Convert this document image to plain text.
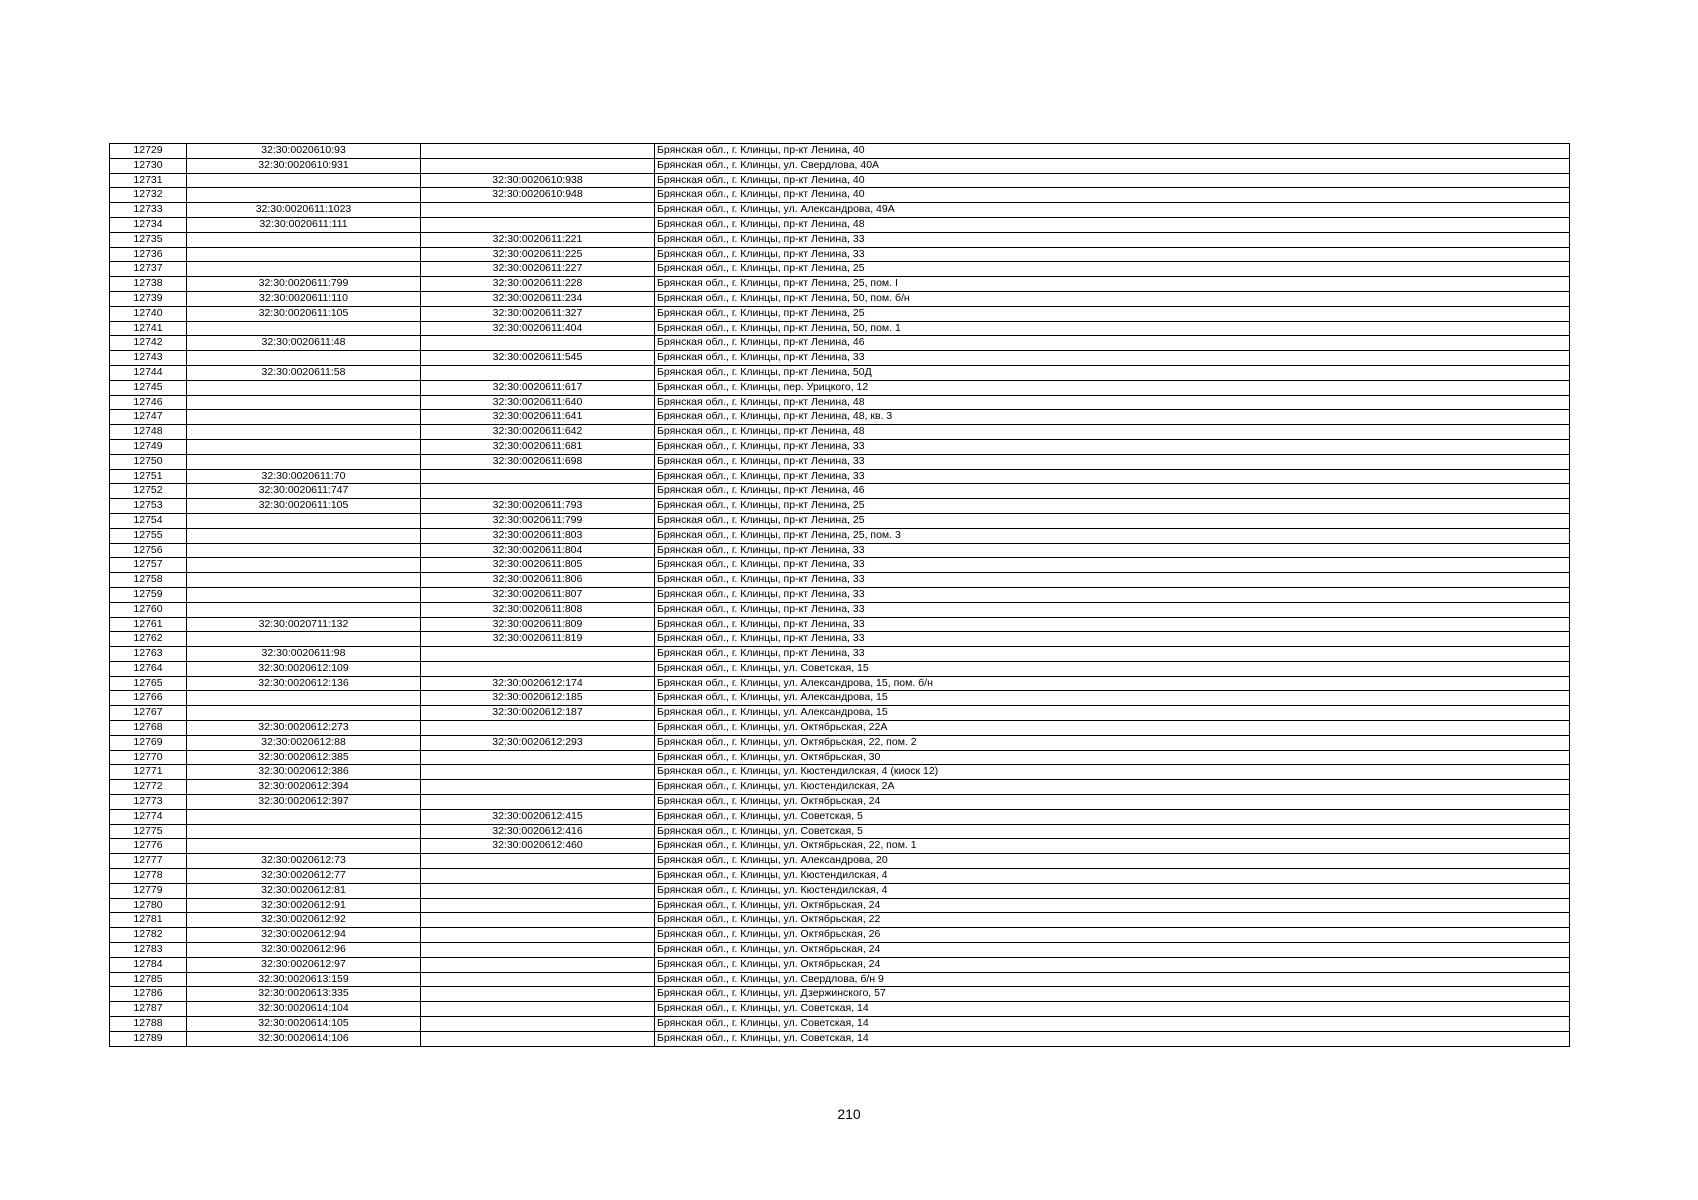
12729	32:30:0020610:93		Брянская обл., г. Клинцы, пр-кт Ленина, 40
12730	32:30:0020610:931		Брянская обл., г. Клинцы, ул. Свердлова, 40А
12731		32:30:0020610:938	Брянская обл., г. Клинцы, пр-кт Ленина, 40
12732		32:30:0020610:948	Брянская обл., г. Клинцы, пр-кт Ленина, 40
12733	32:30:0020611:1023		Брянская обл., г. Клинцы, ул. Александрова, 49А
12734	32:30:0020611:111		Брянская обл., г. Клинцы, пр-кт Ленина, 48
12735		32:30:0020611:221	Брянская обл., г. Клинцы, пр-кт Ленина, 33
12736		32:30:0020611:225	Брянская обл., г. Клинцы, пр-кт Ленина, 33
12737		32:30:0020611:227	Брянская обл., г. Клинцы, пр-кт Ленина, 25
12738	32:30:0020611:799	32:30:0020611:228	Брянская обл., г. Клинцы, пр-кт Ленина, 25, пом. I
12739	32:30:0020611:110	32:30:0020611:234	Брянская обл., г. Клинцы, пр-кт Ленина, 50, пом. б/н
12740	32:30:0020611:105	32:30:0020611:327	Брянская обл., г. Клинцы, пр-кт Ленина, 25
12741		32:30:0020611:404	Брянская обл., г. Клинцы, пр-кт Ленина, 50, пом. 1
12742	32:30:0020611:48		Брянская обл., г. Клинцы, пр-кт Ленина, 46
12743		32:30:0020611:545	Брянская обл., г. Клинцы, пр-кт Ленина, 33
12744	32:30:0020611:58		Брянская обл., г. Клинцы, пр-кт Ленина, 50Д
12745		32:30:0020611:617	Брянская обл., г. Клинцы, пер. Урицкого, 12
12746		32:30:0020611:640	Брянская обл., г. Клинцы, пр-кт Ленина, 48
12747		32:30:0020611:641	Брянская обл., г. Клинцы, пр-кт Ленина, 48, кв. 3
12748		32:30:0020611:642	Брянская обл., г. Клинцы, пр-кт Ленина, 48
12749		32:30:0020611:681	Брянская обл., г. Клинцы, пр-кт Ленина, 33
12750		32:30:0020611:698	Брянская обл., г. Клинцы, пр-кт Ленина, 33
12751	32:30:0020611:70		Брянская обл., г. Клинцы, пр-кт Ленина, 33
12752	32:30:0020611:747		Брянская обл., г. Клинцы, пр-кт Ленина, 46
12753	32:30:0020611:105	32:30:0020611:793	Брянская обл., г. Клинцы, пр-кт Ленина, 25
12754		32:30:0020611:799	Брянская обл., г. Клинцы, пр-кт Ленина, 25
12755		32:30:0020611:803	Брянская обл., г. Клинцы, пр-кт Ленина, 25, пом. 3
12756		32:30:0020611:804	Брянская обл., г. Клинцы, пр-кт Ленина, 33
12757		32:30:0020611:805	Брянская обл., г. Клинцы, пр-кт Ленина, 33
12758		32:30:0020611:806	Брянская обл., г. Клинцы, пр-кт Ленина, 33
12759		32:30:0020611:807	Брянская обл., г. Клинцы, пр-кт Ленина, 33
12760		32:30:0020611:808	Брянская обл., г. Клинцы, пр-кт Ленина, 33
12761	32:30:0020711:132	32:30:0020611:809	Брянская обл., г. Клинцы, пр-кт Ленина, 33
12762		32:30:0020611:819	Брянская обл., г. Клинцы, пр-кт Ленина, 33
12763	32:30:0020611:98		Брянская обл., г. Клинцы, пр-кт Ленина, 33
12764	32:30:0020612:109		Брянская обл., г. Клинцы, ул. Советская, 15
12765	32:30:0020612:136	32:30:0020612:174	Брянская обл., г. Клинцы, ул. Александрова, 15, пом. б/н
12766		32:30:0020612:185	Брянская обл., г. Клинцы, ул. Александрова, 15
12767		32:30:0020612:187	Брянская обл., г. Клинцы, ул. Александрова, 15
12768	32:30:0020612:273		Брянская обл., г. Клинцы, ул. Октябрьская, 22А
12769	32:30:0020612:88	32:30:0020612:293	Брянская обл., г. Клинцы, ул. Октябрьская, 22, пом. 2
12770	32:30:0020612:385		Брянская обл., г. Клинцы, ул. Октябрьская, 30
12771	32:30:0020612:386		Брянская обл., г. Клинцы, ул. Кюстендилская, 4 (киоск 12)
12772	32:30:0020612:394		Брянская обл., г. Клинцы, ул. Кюстендилская, 2А
12773	32:30:0020612:397		Брянская обл., г. Клинцы, ул. Октябрьская, 24
12774		32:30:0020612:415	Брянская обл., г. Клинцы, ул. Советская, 5
12775		32:30:0020612:416	Брянская обл., г. Клинцы, ул. Советская, 5
12776		32:30:0020612:460	Брянская обл., г. Клинцы, ул. Октябрьская, 22, пом. 1
12777	32:30:0020612:73		Брянская обл., г. Клинцы, ул. Александрова, 20
12778	32:30:0020612:77		Брянская обл., г. Клинцы, ул. Кюстендилская, 4
12779	32:30:0020612:81		Брянская обл., г. Клинцы, ул. Кюстендилская, 4
12780	32:30:0020612:91		Брянская обл., г. Клинцы, ул. Октябрьская, 24
12781	32:30:0020612:92		Брянская обл., г. Клинцы, ул. Октябрьская, 22
12782	32:30:0020612:94		Брянская обл., г. Клинцы, ул. Октябрьская, 26
12783	32:30:0020612:96		Брянская обл., г. Клинцы, ул. Октябрьская, 24
12784	32:30:0020612:97		Брянская обл., г. Клинцы, ул. Октябрьская, 24
12785	32:30:0020613:159		Брянская обл., г. Клинцы, ул. Свердлова, б/н 9
12786	32:30:0020613:335		Брянская обл., г. Клинцы, ул. Дзержинского, 57
12787	32:30:0020614:104		Брянская обл., г. Клинцы, ул. Советская, 14
12788	32:30:0020614:105		Брянская обл., г. Клинцы, ул. Советская, 14
12789	32:30:0020614:106		Брянская обл., г. Клинцы, ул. Советская, 14
210
